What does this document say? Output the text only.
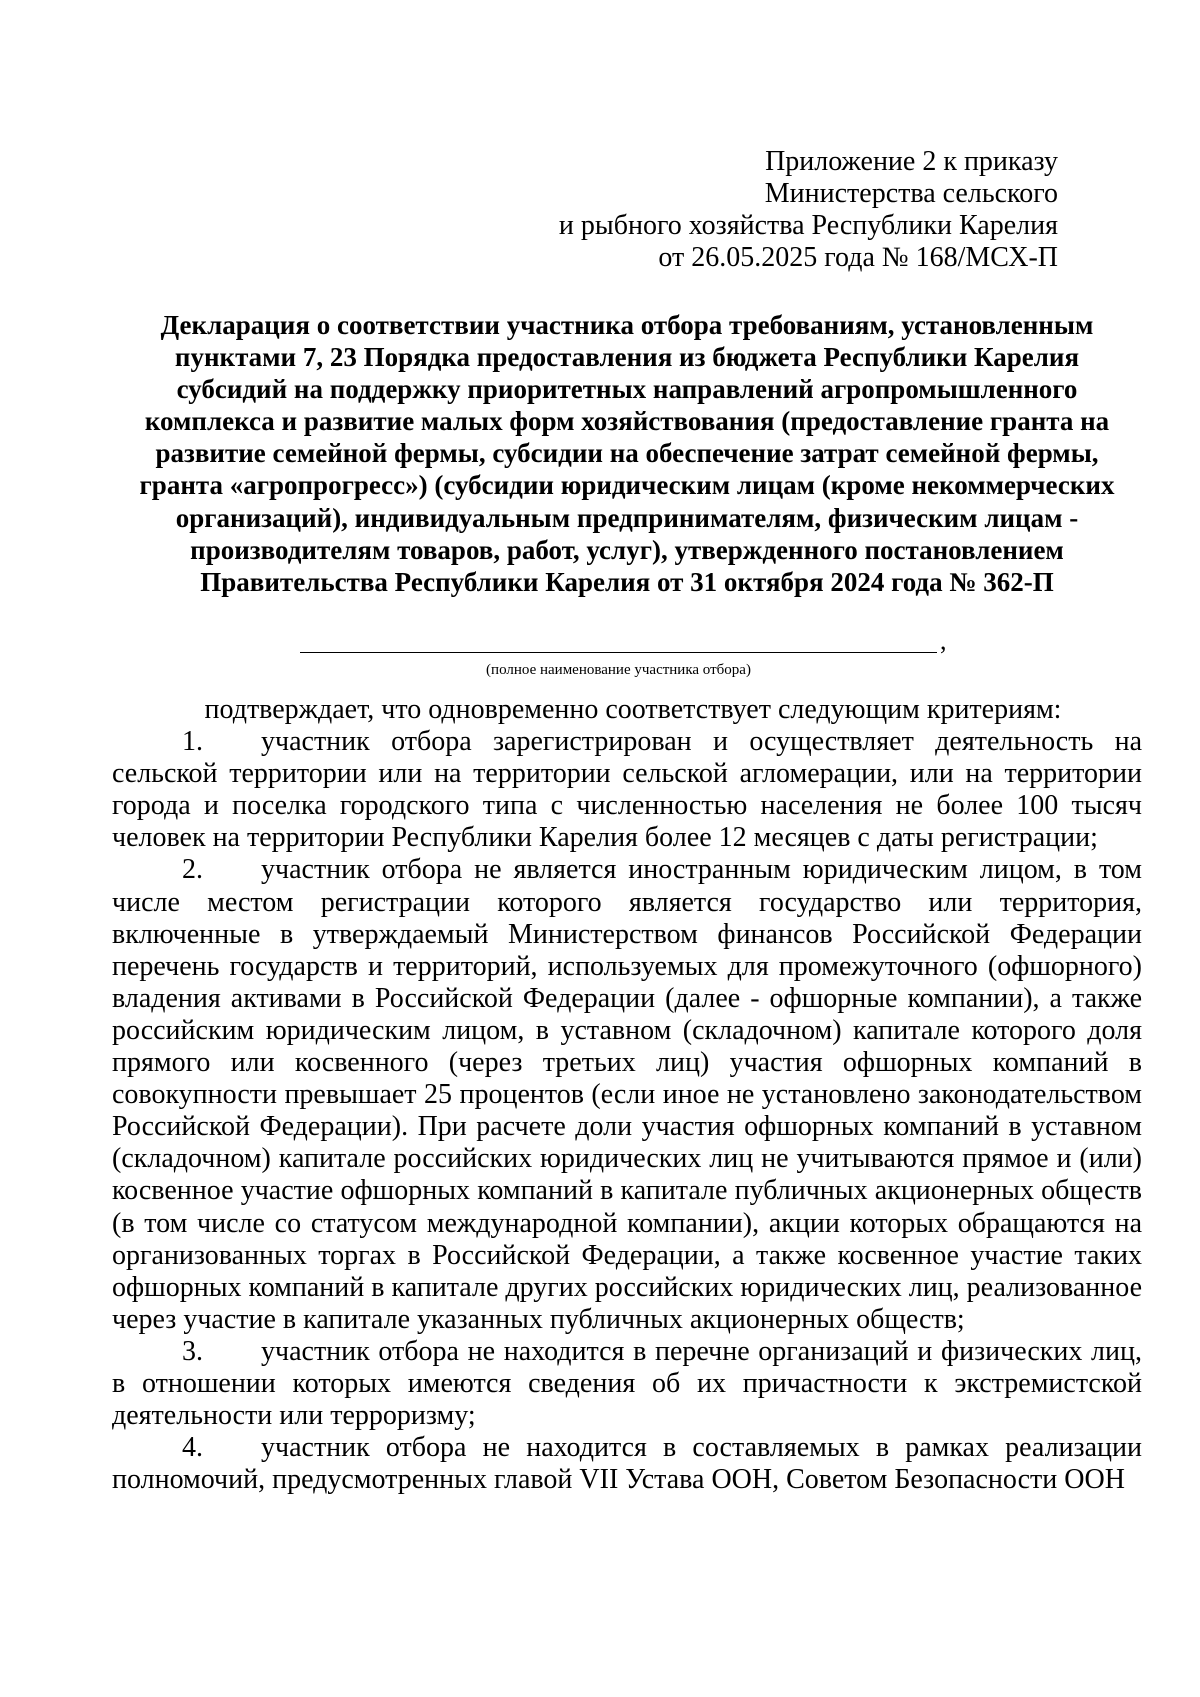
Приложение 2 к приказу
Министерства сельского
и рыбного хозяйства Республики Карелия
от 26.05.2025 года № 168/МСХ-П
Декларация о соответствии участника отбора требованиям, установленным
пунктами 7, 23 Порядка предоставления из бюджета Республики Карелия
субсидий на поддержку приоритетных направлений агропромышленного
комплекса и развитие малых форм хозяйствования (предоставление гранта на
развитие семейной фермы, субсидии на обеспечение затрат семейной фермы,
гранта «агропрогресс») (субсидии юридическим лицам (кроме некоммерческих
организаций), индивидуальным предпринимателям, физическим лицам -
производителям товаров, работ, услуг), утвержденного постановлением
Правительства Республики Карелия от 31 октября 2024 года № 362-П
,
(полное наименование участника отбора)
подтверждает, что одновременно соответствует следующим критериям:

1. участник отбора зарегистрирован и осуществляет деятельность на сельской территории или на территории сельской агломерации, или на территории города и поселка городского типа с численностью населения не более 100 тысяч человек на территории Республики Карелия более 12 месяцев с даты регистрации;

2. участник отбора не является иностранным юридическим лицом, в том числе местом регистрации которого является государство или территория, включенные в утверждаемый Министерством финансов Российской Федерации перечень государств и территорий, используемых для промежуточного (офшорного) владения активами в Российской Федерации (далее - офшорные компании), а также российским юридическим лицом, в уставном (складочном) капитале которого доля прямого или косвенного (через третьих лиц) участия офшорных компаний в совокупности превышает 25 процентов (если иное не установлено законодательством Российской Федерации). При расчете доли участия офшорных компаний в уставном (складочном) капитале российских юридических лиц не учитываются прямое и (или) косвенное участие офшорных компаний в капитале публичных акционерных обществ (в том числе со статусом международной компании), акции которых обращаются на организованных торгах в Российской Федерации, а также косвенное участие таких офшорных компаний в капитале других российских юридических лиц, реализованное через участие в капитале указанных публичных акционерных обществ;

3. участник отбора не находится в перечне организаций и физических лиц, в отношении которых имеются сведения об их причастности к экстремистской деятельности или терроризму;

4. участник отбора не находится в составляемых в рамках реализации полномочий, предусмотренных главой VII Устава ООН, Советом Безопасности ООН
